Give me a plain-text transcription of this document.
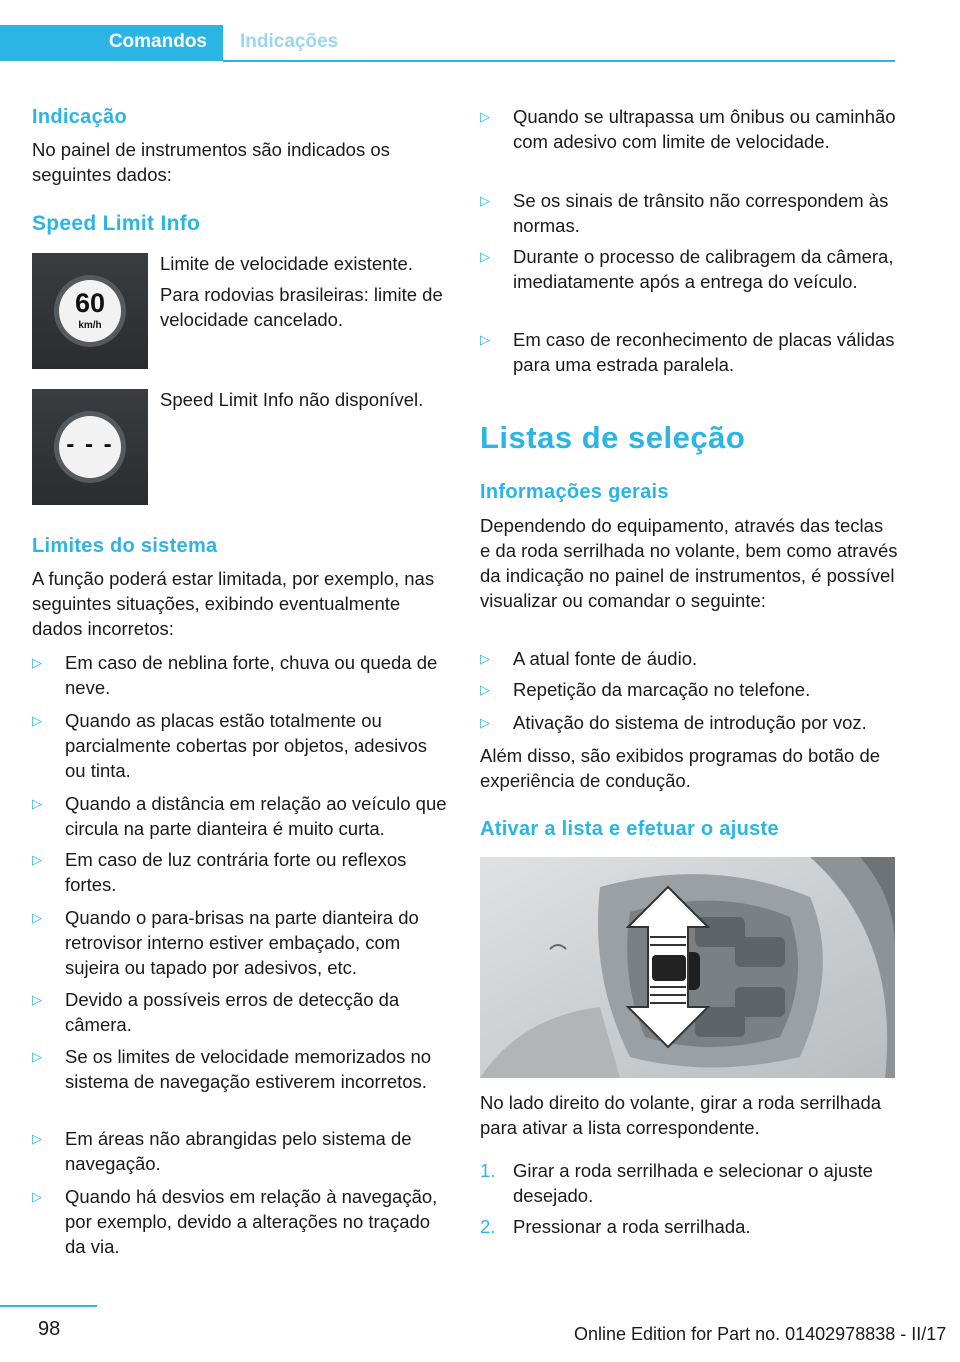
Comandos Indicações
Indicação
No painel de instrumentos são indicados os seguintes dados:
Speed Limit Info
60
km/h
Limite de velocidade existente.
Para rodovias brasileiras: limite de velocidade cancelado.
- - -
Speed Limit Info não disponível.
Limites do sistema
A função poderá estar limitada, por exemplo, nas seguintes situações, exibindo eventualmente dados incorretos:
▷ Em caso de neblina forte, chuva ou queda de neve.
▷ Quando as placas estão totalmente ou parcialmente cobertas por objetos, adesivos ou tinta.
▷ Quando a distância em relação ao veículo que circula na parte dianteira é muito curta.
▷ Em caso de luz contrária forte ou reflexos fortes.
▷ Quando o para-brisas na parte dianteira do retrovisor interno estiver embaçado, com sujeira ou tapado por adesivos, etc.
▷ Devido a possíveis erros de detecção da câmera.
▷ Se os limites de velocidade memorizados no sistema de navegação estiverem incorretos.
▷ Em áreas não abrangidas pelo sistema de navegação.
▷ Quando há desvios em relação à navegação, por exemplo, devido a alterações no traçado da via.
▷ Quando se ultrapassa um ônibus ou caminhão com adesivo com limite de velocidade.
▷ Se os sinais de trânsito não correspondem às normas.
▷ Durante o processo de calibragem da câmera, imediatamente após a entrega do veículo.
▷ Em caso de reconhecimento de placas válidas para uma estrada paralela.
Listas de seleção
Informações gerais
Dependendo do equipamento, através das teclas e da roda serrilhada no volante, bem como através da indicação no painel de instrumentos, é possível visualizar ou comandar o seguinte:
▷ A atual fonte de áudio.
▷ Repetição da marcação no telefone.
▷ Ativação do sistema de introdução por voz.
Além disso, são exibidos programas do botão de experiência de condução.
Ativar a lista e efetuar o ajuste
No lado direito do volante, girar a roda serrilhada para ativar a lista correspondente.
1. Girar a roda serrilhada e selecionar o ajuste desejado.
2. Pressionar a roda serrilhada.
98	Online Edition for Part no. 01402978838 - II/17
